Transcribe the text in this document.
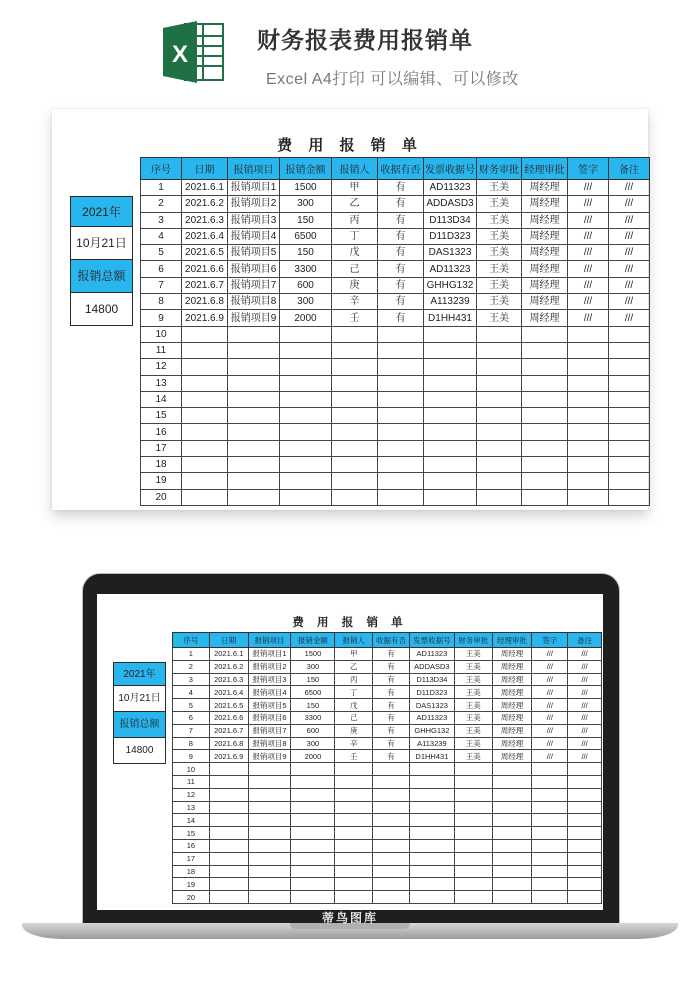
X
财务报表费用报销单
Excel A4打印 可以编辑、可以修改
费 用 报 销 单
2021年
10月21日
报销总额
14800
序号	日期	报销项目	报销金额	报销人	收据有否	发票收据号	财务审批	经理审批	签字	备注
1	2021.6.1	报销项目1	1500	甲	有	AD11323	王美	周经理	///	///
2	2021.6.2	报销项目2	300	乙	有	ADDASD3	王美	周经理	///	///
3	2021.6.3	报销项目3	150	丙	有	D113D34	王美	周经理	///	///
4	2021.6.4	报销项目4	6500	丁	有	D11D323	王美	周经理	///	///
5	2021.6.5	报销项目5	150	戊	有	DAS1323	王美	周经理	///	///
6	2021.6.6	报销项目6	3300	己	有	AD11323	王美	周经理	///	///
7	2021.6.7	报销项目7	600	庚	有	GHHG132	王美	周经理	///	///
8	2021.6.8	报销项目8	300	辛	有	A113239	王美	周经理	///	///
9	2021.6.9	报销项目9	2000	壬	有	D1HH431	王美	周经理	///	///
10										
11										
12										
13										
14										
15										
16										
17										
18										
19										
20										
费 用 报 销 单
2021年
10月21日
报销总额
14800
序号	日期	报销项目	报销金额	报销人	收据有否	发票收据号	财务审批	经理审批	签字	备注
1	2021.6.1	报销项目1	1500	甲	有	AD11323	王美	周经理	///	///
2	2021.6.2	报销项目2	300	乙	有	ADDASD3	王美	周经理	///	///
3	2021.6.3	报销项目3	150	丙	有	D113D34	王美	周经理	///	///
4	2021.6.4	报销项目4	6500	丁	有	D11D323	王美	周经理	///	///
5	2021.6.5	报销项目5	150	戊	有	DAS1323	王美	周经理	///	///
6	2021.6.6	报销项目6	3300	己	有	AD11323	王美	周经理	///	///
7	2021.6.7	报销项目7	600	庚	有	GHHG132	王美	周经理	///	///
8	2021.6.8	报销项目8	300	辛	有	A113239	王美	周经理	///	///
9	2021.6.9	报销项目9	2000	壬	有	D1HH431	王美	周经理	///	///
10										
11										
12										
13										
14										
15										
16										
17										
18										
19										
20										
蒂鸟图库
